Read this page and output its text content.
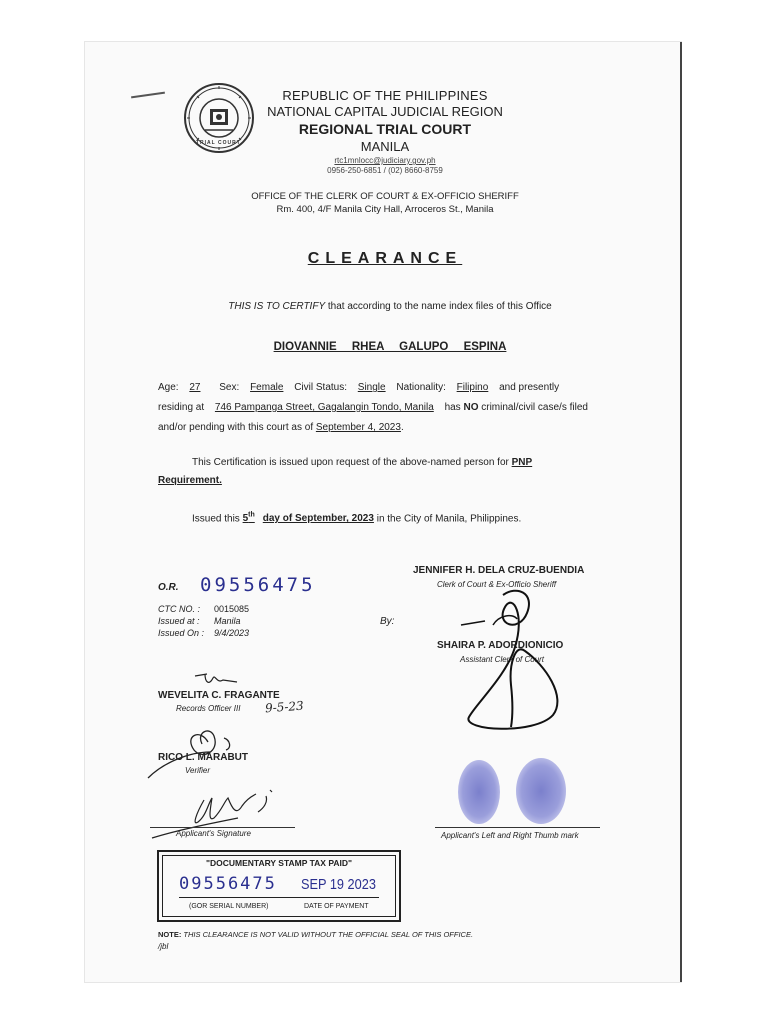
TRIAL COURT
REPUBLIC OF THE PHILIPPINES
NATIONAL CAPITAL JUDICIAL REGION
REGIONAL TRIAL COURT
MANILA
rtc1mnlocc@judiciary.gov.ph
0956-250-6851 / (02) 8660-8759
OFFICE OF THE CLERK OF COURT & EX-OFFICIO SHERIFF
Rm. 400, 4/F Manila City Hall, Arroceros St., Manila
CLEARANCE
THIS IS TO CERTIFY that according to the name index files of this Office
DIOVANNIE RHEA GALUPO ESPINA
Age: 27 Sex: Female Civil Status: Single Nationality: Filipino and presently
residing at 746 Pampanga Street, Gagalangin Tondo, Manila has NO criminal/civil case/s filed
and/or pending with this court as of September 4, 2023.
This Certification is issued upon request of the above-named person for PNP
Requirement.
Issued this 5th day of September, 2023 in the City of Manila, Philippines.
O.R. 09556475
CTC NO. : 0015085
Issued at : Manila
Issued On : 9/4/2023
By:
JENNIFER H. DELA CRUZ-BUENDIA
Clerk of Court & Ex-Officio Sheriff
SHAIRA P. ADORDIONICIO
Assistant Clerk of Court
WEVELITA C. FRAGANTE
Records Officer III 9-5-23
RICO L. MARABUT
Verifier
Applicant's Signature	Applicant's Left and Right Thumb mark
"DOCUMENTARY STAMP TAX PAID"
09556475 SEP 19 2023
(GOR SERIAL NUMBER)	DATE OF PAYMENT
NOTE: THIS CLEARANCE IS NOT VALID WITHOUT THE OFFICIAL SEAL OF THIS OFFICE.
/jbl
